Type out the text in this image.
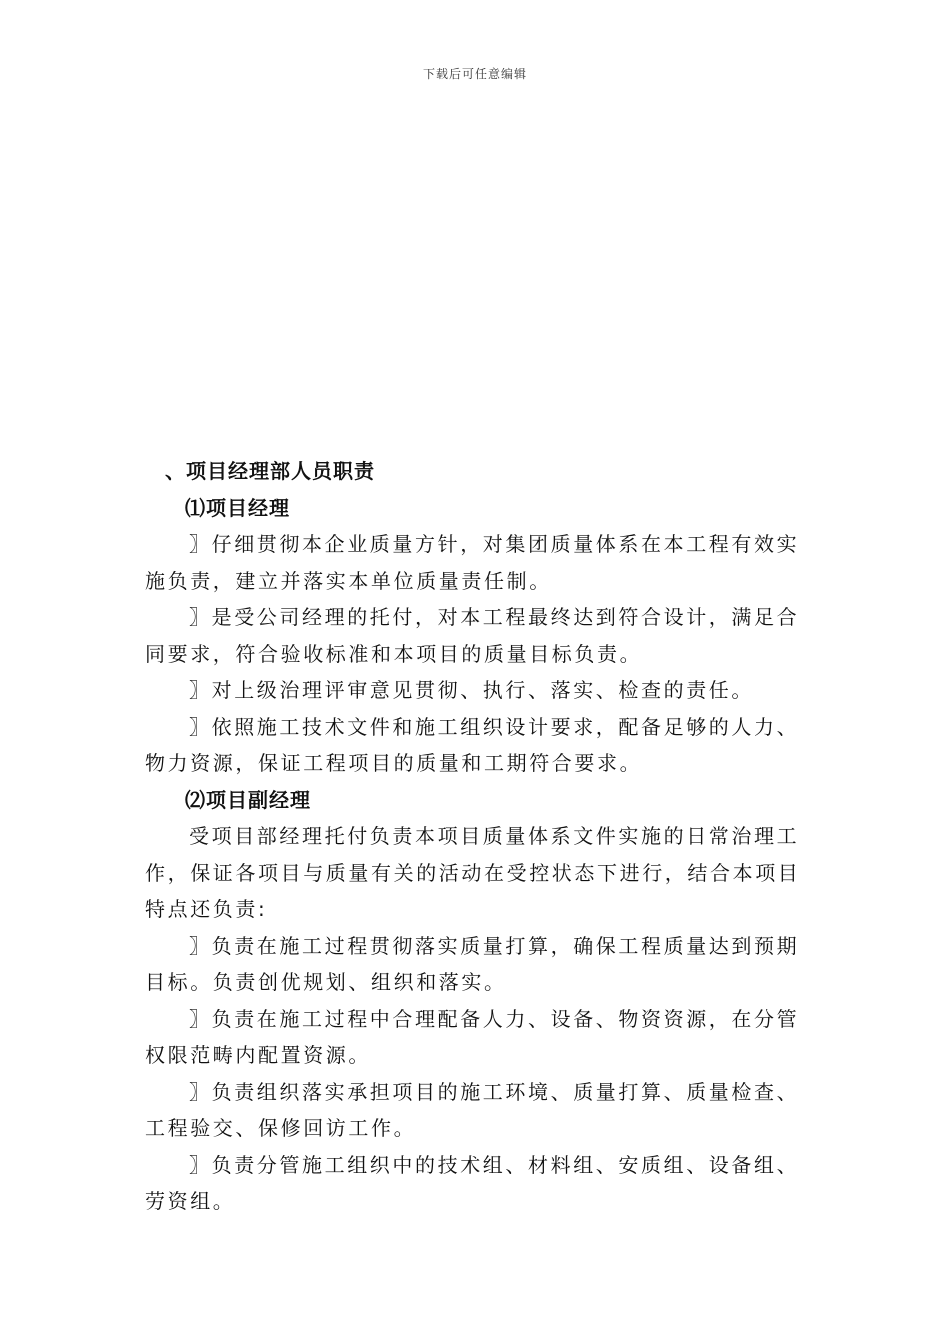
下载后可任意编辑
、项目经理部人员职责
⑴项目经理
〗仔细贯彻本企业质量方针，对集团质量体系在本工程有效实
施负责，建立并落实本单位质量责任制。
〗是受公司经理的托付，对本工程最终达到符合设计，满足合
同要求，符合验收标准和本项目的质量目标负责。
〗对上级治理评审意见贯彻、执行、落实、检查的责任。
〗依照施工技术文件和施工组织设计要求，配备足够的人力、
物力资源，保证工程项目的质量和工期符合要求。
⑵项目副经理
受项目部经理托付负责本项目质量体系文件实施的日常治理工
作，保证各项目与质量有关的活动在受控状态下进行，结合本项目
特点还负责:
〗负责在施工过程贯彻落实质量打算，确保工程质量达到预期
目标。负责创优规划、组织和落实。
〗负责在施工过程中合理配备人力、设备、物资资源，在分管
权限范畴内配置资源。
〗负责组织落实承担项目的施工环境、质量打算、质量检查、
工程验交、保修回访工作。
〗负责分管施工组织中的技术组、材料组、安质组、设备组、
劳资组。
